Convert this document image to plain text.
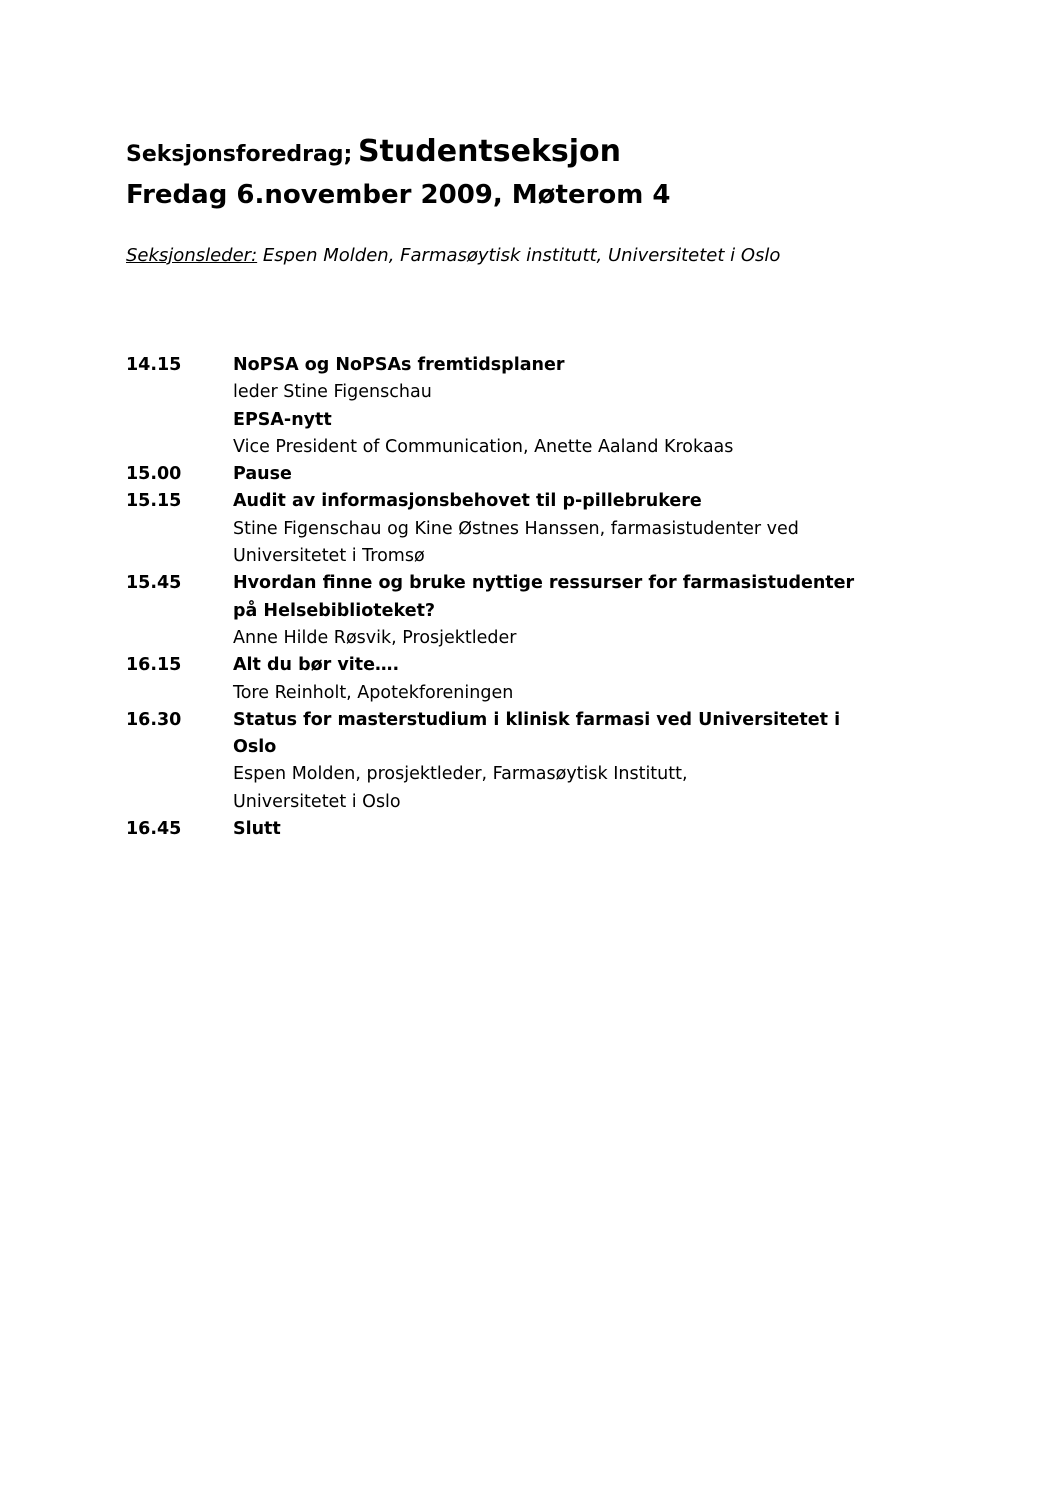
Seksjonsforedrag; Studentseksjon
Fredag 6.november 2009, Møterom 4
Seksjonsleder: Espen Molden, Farmasøytisk institutt, Universitetet i Oslo
14.15	NoPSA og NoPSAs fremtidsplaner
leder Stine Figenschau
EPSA-nytt
Vice President of Communication, Anette Aaland Krokaas
15.00	Pause
15.15	Audit av informasjonsbehovet til p-pillebrukere
Stine Figenschau og Kine Østnes Hanssen, farmasistudenter ved
Universitetet i Tromsø
15.45	Hvordan finne og bruke nyttige ressurser for farmasistudenter
på Helsebiblioteket?
Anne Hilde Røsvik, Prosjektleder
16.15	Alt du bør vite….
Tore Reinholt, Apotekforeningen
16.30	Status for masterstudium i klinisk farmasi ved Universitetet i
Oslo
Espen Molden, prosjektleder, Farmasøytisk Institutt,
Universitetet i Oslo
16.45	Slutt
